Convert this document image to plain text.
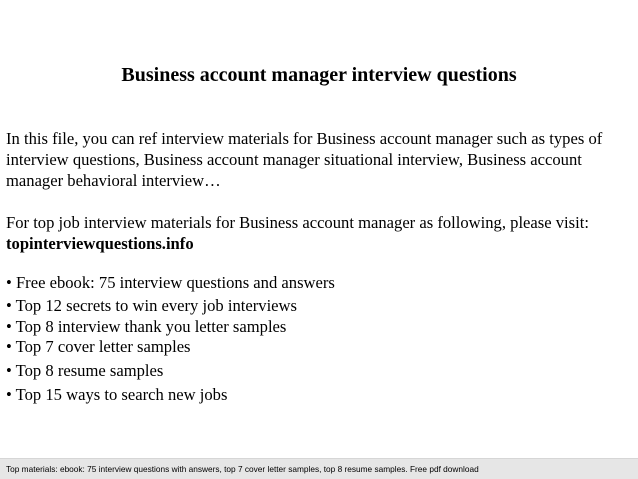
Business account manager interview questions
In this file, you can ref interview materials for Business account manager such as types of interview questions, Business account manager situational interview, Business account manager behavioral interview…
For top job interview materials for Business account manager as following, please visit:
topinterviewquestions.info
• Free ebook: 75 interview questions and answers
• Top 12 secrets to win every job interviews
• Top 8 interview thank you letter samples
• Top 7 cover letter samples
• Top 8 resume samples
• Top 15 ways to search new jobs
Top materials: ebook: 75 interview questions with answers, top 7 cover letter samples, top 8 resume samples. Free pdf download
